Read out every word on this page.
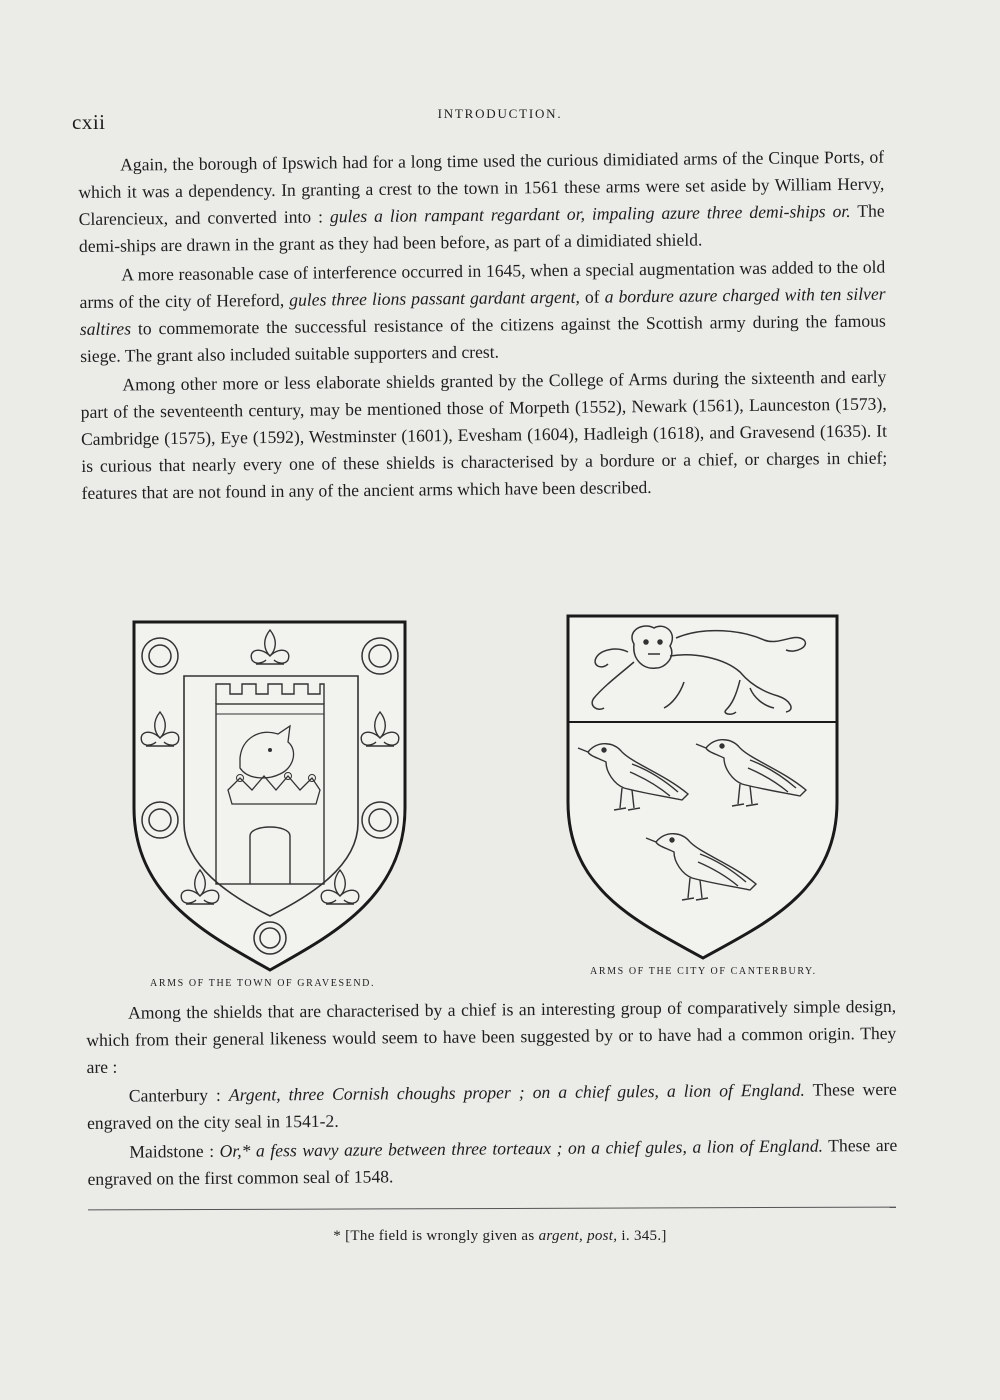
cxii	INTRODUCTION.

Again, the borough of Ipswich had for a long time used the curious dimidiated arms of the Cinque Ports, of which it was a dependency. In granting a crest to the town in 1561 these arms were set aside by William Hervy, Clarencieux, and converted into : gules a lion rampant regardant or, impaling azure three demi-ships or. The demi-ships are drawn in the grant as they had been before, as part of a dimidiated shield.

A more reasonable case of interference occurred in 1645, when a special augmentation was added to the old arms of the city of Hereford, gules three lions passant gardant argent, of a bordure azure charged with ten silver saltires to commemorate the successful resistance of the citizens against the Scottish army during the famous siege. The grant also included suitable supporters and crest.

Among other more or less elaborate shields granted by the College of Arms during the sixteenth and early part of the seventeenth century, may be mentioned those of Morpeth (1552), Newark (1561), Launceston (1573), Cambridge (1575), Eye (1592), Westminster (1601), Evesham (1604), Hadleigh (1618), and Gravesend (1635). It is curious that nearly every one of these shields is characterised by a bordure or a chief, or charges in chief; features that are not found in any of the ancient arms which have been described.

ARMS OF THE TOWN OF GRAVESEND.
ARMS OF THE CITY OF CANTERBURY.

Among the shields that are characterised by a chief is an interesting group of comparatively simple design, which from their general likeness would seem to have been suggested by or to have had a common origin. They are :

Canterbury : Argent, three Cornish choughs proper ; on a chief gules, a lion of England. These were engraved on the city seal in 1541-2.

Maidstone : Or,* a fess wavy azure between three torteaux ; on a chief gules, a lion of England. These are engraved on the first common seal of 1548.

* [The field is wrongly given as argent, post, i. 345.]
